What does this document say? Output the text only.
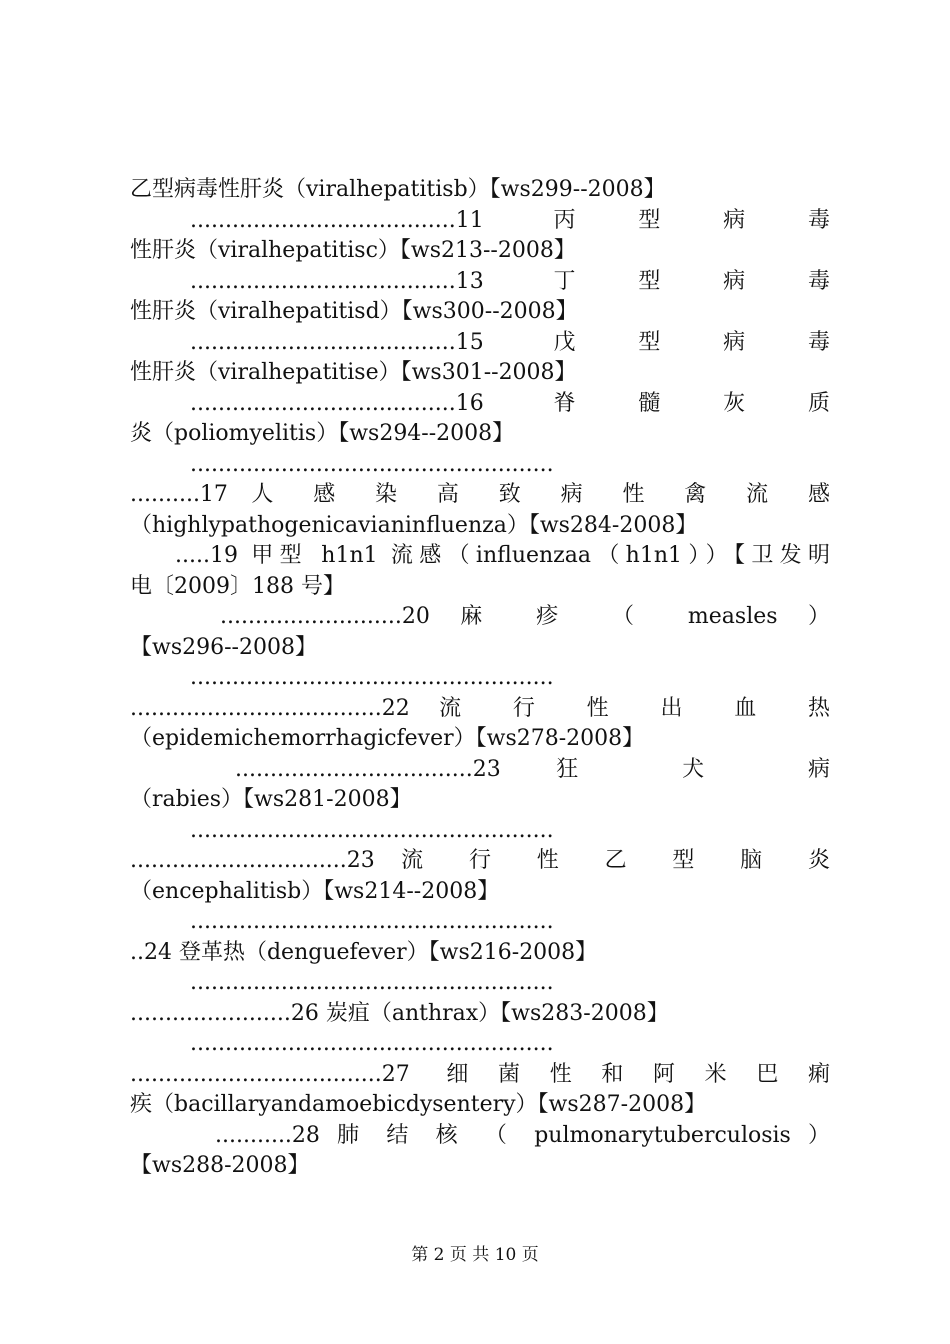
乙型病毒性肝炎（viralhepatitisb）【ws299--2008】
......................................11 丙型病毒
性肝炎（viralhepatitisc）【ws213--2008】
......................................13 丁型病毒
性肝炎（viralhepatitisd）【ws300--2008】
......................................15 戊型病毒
性肝炎（viralhepatitise）【ws301--2008】
......................................16 脊髓灰质
炎（poliomyelitis）【ws294--2008】
....................................................
..........17 人 感 染 高 致 病 性 禽 流 感
（highlypathogenicavianinfluenza）【ws284-2008】
.....19 甲型 h1n1 流感（influenzaa（h1n1））【卫发明
电〔2009〕188 号】
..........................20 麻 疹 （ measles ）
【ws296--2008】
....................................................
....................................22 流 行 性 出 血 热
（epidemichemorrhagicfever）【ws278-2008】
..................................23 狂 犬 病
（rabies）【ws281-2008】
....................................................
...............................23 流 行 性 乙 型 脑 炎
（encephalitisb）【ws214--2008】
....................................................
..24 登革热（denguefever）【ws216-2008】
....................................................
.......................26 炭疽（anthrax）【ws283-2008】
....................................................
....................................27 细菌性和阿米巴痢
疾（bacillaryandamoebicdysentery）【ws287-2008】
...........28 肺 结 核 （ pulmonarytuberculosis ）
【ws288-2008】
第 2 页 共 10 页
